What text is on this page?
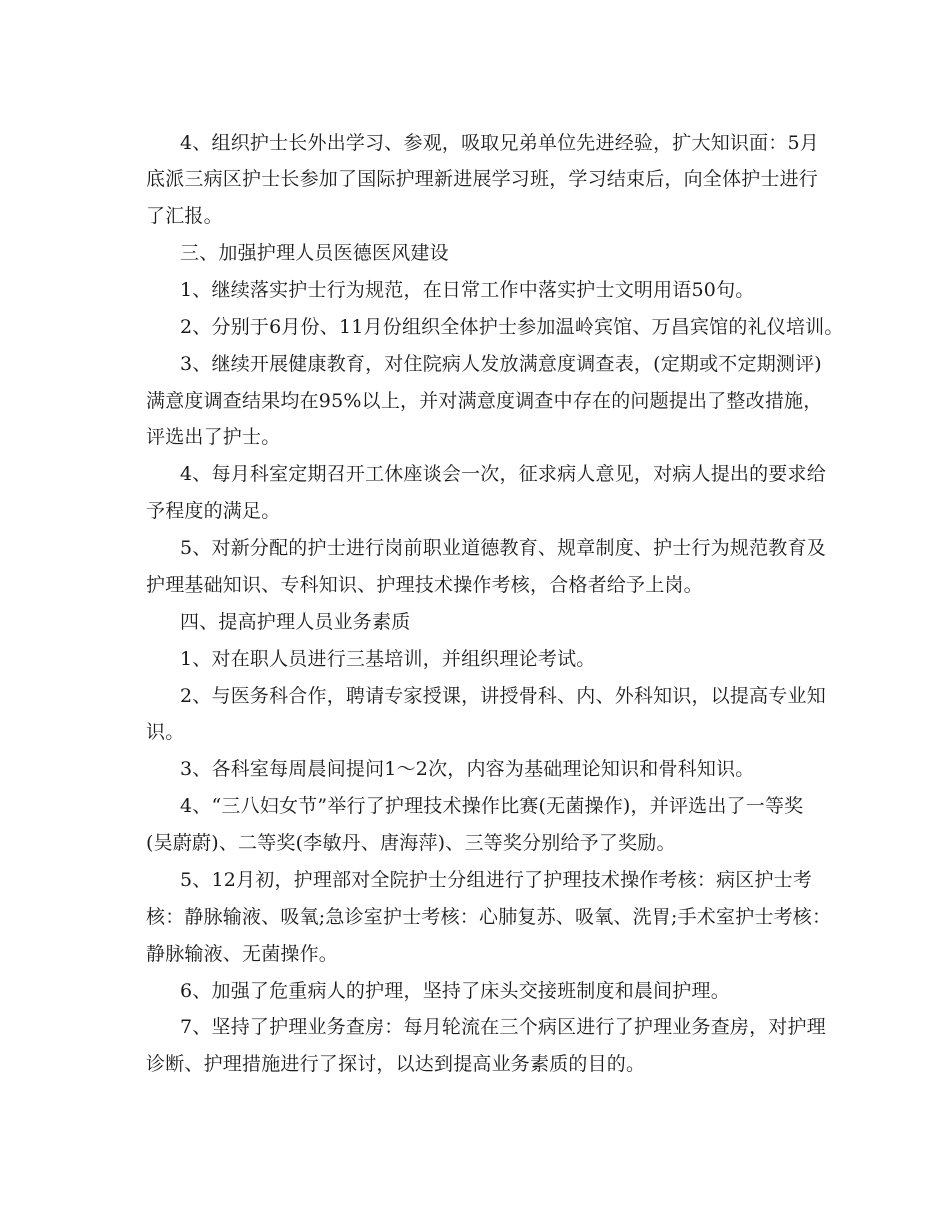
4、组织护士长外出学习、参观，吸取兄弟单位先进经验，扩大知识面：5月
底派三病区护士长参加了国际护理新进展学习班，学习结束后，向全体护士进行
了汇报。
三、加强护理人员医德医风建设
1、继续落实护士行为规范，在日常工作中落实护士文明用语50句。
2、分别于6月份、11月份组织全体护士参加温岭宾馆、万昌宾馆的礼仪培训。
3、继续开展健康教育，对住院病人发放满意度调查表，(定期或不定期测评)
满意度调查结果均在95%以上，并对满意度调查中存在的问题提出了整改措施，
评选出了护士。
4、每月科室定期召开工休座谈会一次，征求病人意见，对病人提出的要求给
予程度的满足。
5、对新分配的护士进行岗前职业道德教育、规章制度、护士行为规范教育及
护理基础知识、专科知识、护理技术操作考核，合格者给予上岗。
四、提高护理人员业务素质
1、对在职人员进行三基培训，并组织理论考试。
2、与医务科合作，聘请专家授课，讲授骨科、内、外科知识，以提高专业知
识。
3、各科室每周晨间提问1～2次，内容为基础理论知识和骨科知识。
4、“三八妇女节”举行了护理技术操作比赛(无菌操作)，并评选出了一等奖
(吴蔚蔚)、二等奖(李敏丹、唐海萍)、三等奖分别给予了奖励。
5、12月初，护理部对全院护士分组进行了护理技术操作考核：病区护士考
核：静脉输液、吸氧;急诊室护士考核：心肺复苏、吸氧、洗胃;手术室护士考核：
静脉输液、无菌操作。
6、加强了危重病人的护理，坚持了床头交接班制度和晨间护理。
7、坚持了护理业务查房：每月轮流在三个病区进行了护理业务查房，对护理
诊断、护理措施进行了探讨，以达到提高业务素质的目的。
